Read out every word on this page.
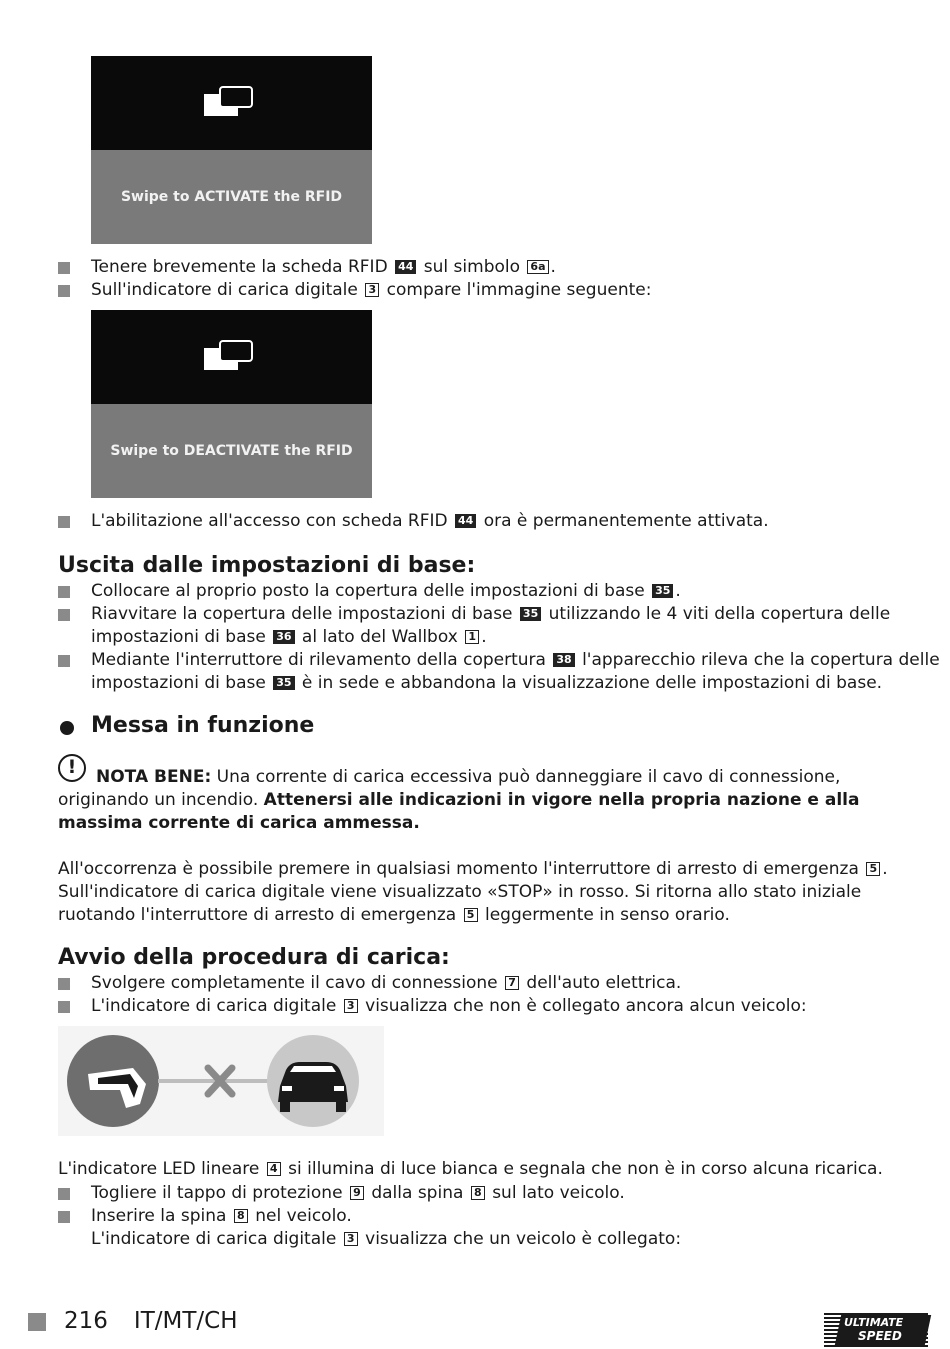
Swipe to ACTIVATE the RFID
Tenere brevemente la scheda RFID 44 sul simbolo 6a .
Sull'indicatore di carica digitale 3 compare l'immagine seguente:
Swipe to DEACTIVATE the RFID
L'abilitazione all'accesso con scheda RFID 44 ora è permanentemente attivata.
Uscita dalle impostazioni di base:
Collocare al proprio posto la copertura delle impostazioni di base 35 .
Riavvitare la copertura delle impostazioni di base 35 utilizzando le 4 viti della copertura delle
impostazioni di base 36 al lato del Wallbox 1 .
Mediante l'interruttore di rilevamento della copertura 38 l'apparecchio rileva che la copertura delle
impostazioni di base 35 è in sede e abbandona la visualizzazione delle impostazioni di base.
Messa in funzione
!	NOTA BENE: Una corrente di carica eccessiva può danneggiare il cavo di connessione,
originando un incendio. Attenersi alle indicazioni in vigore nella propria nazione e alla
massima corrente di carica ammessa.
All'occorrenza è possibile premere in qualsiasi momento l'interruttore di arresto di emergenza 5 .
Sull'indicatore di carica digitale viene visualizzato «STOP» in rosso. Si ritorna allo stato iniziale
ruotando l'interruttore di arresto di emergenza 5 leggermente in senso orario.
Avvio della procedura di carica:
Svolgere completamente il cavo di connessione 7 dell'auto elettrica.
L'indicatore di carica digitale 3 visualizza che non è collegato ancora alcun veicolo:
L'indicatore LED lineare 4 si illumina di luce bianca e segnala che non è in corso alcuna ricarica.
Togliere il tappo di protezione 9 dalla spina 8 sul lato veicolo.
Inserire la spina 8 nel veicolo.
L'indicatore di carica digitale 3 visualizza che un veicolo è collegato:
216 IT/MT/CH	ULTIMATE
SPEED
